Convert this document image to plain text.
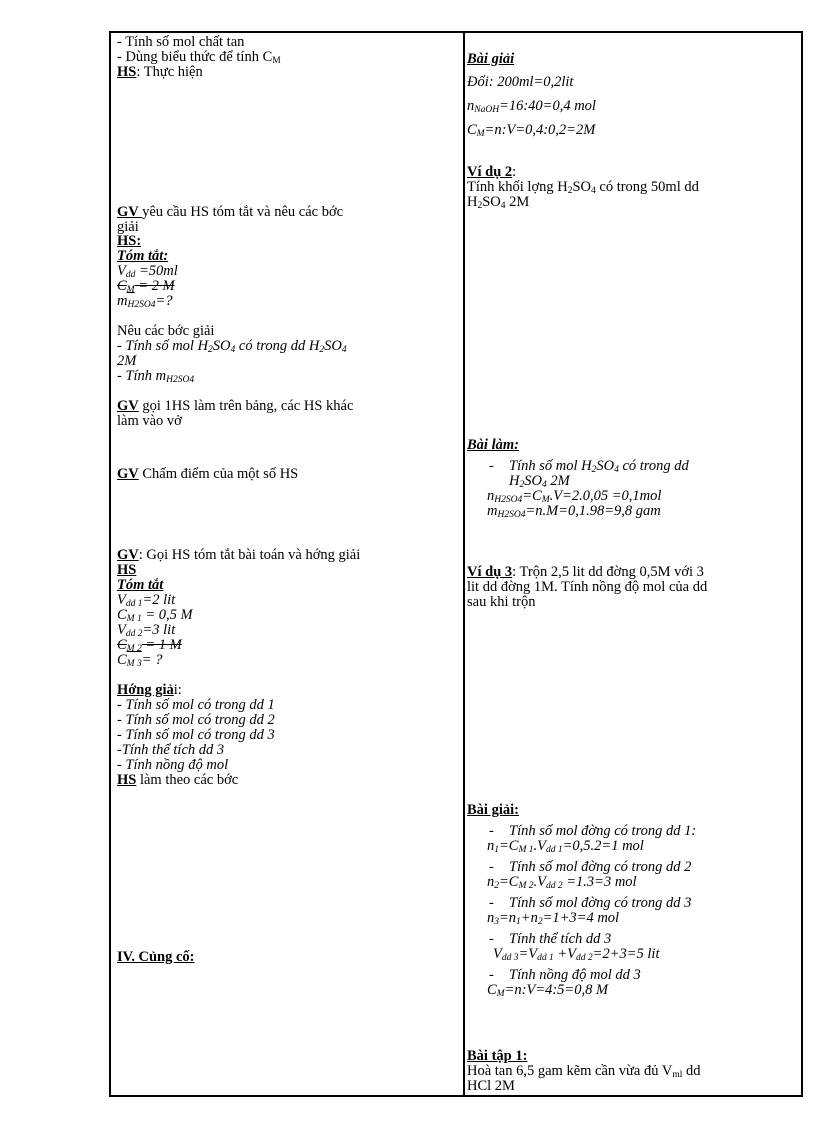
- Tính số mol chất tan
- Dùng biểu thức để tính $C_M$
HS: Thực hiện
GV yêu cầu HS tóm tắt và nêu các bớc
giải
HS:
Tóm tắt:
$V_{dd} =50ml$
$C_M = 2$ M
$m_{H2SO4}=$?
Nêu các bớc giải
- Tính số mol $H_2SO_4$ có trong dd $H_2SO_4$
2M
- Tính $m_{H2SO4}$
GV gọi 1HS làm trên bảng, các HS khác
làm vào vở
GV Chấm điểm của một số HS
GV: Gọi HS tóm tắt bài toán và hớng giải
HS
Tóm tắt
$V_{dd 1}=2$ lit
$C_{M 1} = 0,5$ M
$V_{dd 2}=3$ lit
$C_{M 2} = 1$ M
$C_{M 3}=$ ?
Hớng giải:
- Tính số mol có trong dd 1
- Tính số mol có trong dd 2
- Tính số mol có trong dd 3
-Tính thể tích dd 3
- Tính nồng độ mol
HS làm theo các bớc
IV. Củng cố:
Bài giải
Đổi: 200ml=0,2lit
$n_{NaOH}=16:40=0,4$ mol
$C_M=n:V=0,4:0,2=2M$
Ví dụ 2:
Tính khối lợng $H_2SO_4$ có trong 50ml dd
$H_2SO_4$ 2M
Bài làm:
- Tính số mol $H_2SO_4$ có trong dd
$H_2SO_4$ 2M
$n_{H2SO4}=C_M.V=2.0,05 =0,1mol$
$m_{H2SO4}=n.M=0,1.98=9,8$ gam
Ví dụ 3: Trộn 2,5 lit dd đờng 0,5M với 3
lit dd đờng 1M. Tính nồng độ mol của dd
sau khi trộn
Bài giải:
- Tính số mol đờng có trong dd 1:
$n_1=C_{M 1}.V_{dd 1}=0,5.2=1$ mol
- Tính số mol đờng có trong dd 2
$n_2=C_{M 2}.V_{dd 2} =1.3=3$ mol
- Tính số mol đờng có trong dd 3
$n_3=n_1+n_2=1+3=4$ mol
- Tính thể tích dd 3
$V_{dd 3}=V_{dd 1} +V_{dd 2}=2+3=5$ lit
- Tính nồng độ mol dd 3
$C_M=n:V=4:5=0,8$ M
Bài tập 1:
Hoà tan 6,5 gam kẽm cần vừa đủ $V_{ml}$ dd
HCl 2M
